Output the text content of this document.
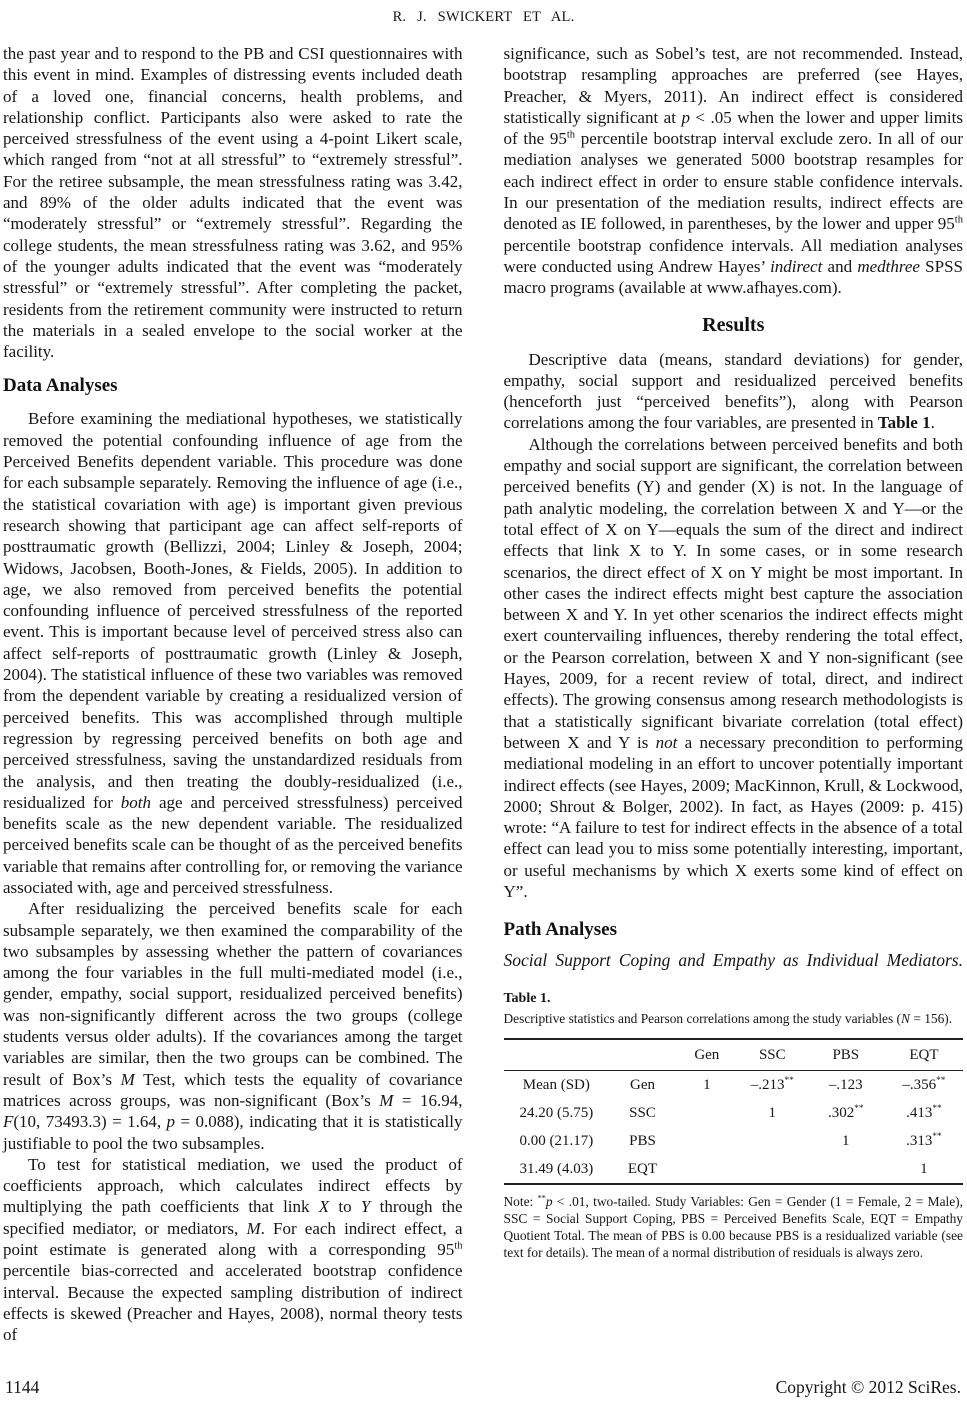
R. J. SWICKERT ET AL.

the past year and to respond to the PB and CSI questionnaires with this event in mind. Examples of distressing events included death of a loved one, financial concerns, health problems, and relationship conflict. Participants also were asked to rate the perceived stressfulness of the event using a 4-point Likert scale, which ranged from “not at all stressful” to “extremely stressful”. For the retiree subsample, the mean stressfulness rating was 3.42, and 89% of the older adults indicated that the event was “moderately stressful” or “extremely stressful”. Regarding the college students, the mean stressfulness rating was 3.62, and 95% of the younger adults indicated that the event was “moderately stressful” or “extremely stressful”. After completing the packet, residents from the retirement community were instructed to return the materials in a sealed envelope to the social worker at the facility.

Data Analyses

Before examining the mediational hypotheses, we statistically removed the potential confounding influence of age from the Perceived Benefits dependent variable. This procedure was done for each subsample separately. Removing the influence of age (i.e., the statistical covariation with age) is important given previous research showing that participant age can affect self-reports of posttraumatic growth (Bellizzi, 2004; Linley & Joseph, 2004; Widows, Jacobsen, Booth-Jones, & Fields, 2005). In addition to age, we also removed from perceived benefits the potential confounding influence of perceived stressfulness of the reported event. This is important because level of perceived stress also can affect self-reports of posttraumatic growth (Linley & Joseph, 2004). The statistical influence of these two variables was removed from the dependent variable by creating a residualized version of perceived benefits. This was accomplished through multiple regression by regressing perceived benefits on both age and perceived stressfulness, saving the unstandardized residuals from the analysis, and then treating the doubly-residualized (i.e., residualized for both age and perceived stressfulness) perceived benefits scale as the new dependent variable. The residualized perceived benefits scale can be thought of as the perceived benefits variable that remains after controlling for, or removing the variance associated with, age and perceived stressfulness.

After residualizing the perceived benefits scale for each subsample separately, we then examined the comparability of the two subsamples by assessing whether the pattern of covariances among the four variables in the full multi-mediated model (i.e., gender, empathy, social support, residualized perceived benefits) was non-significantly different across the two groups (college students versus older adults). If the covariances among the target variables are similar, then the two groups can be combined. The result of Box’s M Test, which tests the equality of covariance matrices across groups, was non-significant (Box’s M = 16.94, F(10, 73493.3) = 1.64, p = 0.088), indicating that it is statistically justifiable to pool the two subsamples.

To test for statistical mediation, we used the product of coefficients approach, which calculates indirect effects by multiplying the path coefficients that link X to Y through the specified mediator, or mediators, M. For each indirect effect, a point estimate is generated along with a corresponding 95th percentile bias-corrected and accelerated bootstrap confidence interval. Because the expected sampling distribution of indirect effects is skewed (Preacher and Hayes, 2008), normal theory tests of

significance, such as Sobel’s test, are not recommended. Instead, bootstrap resampling approaches are preferred (see Hayes, Preacher, & Myers, 2011). An indirect effect is considered statistically significant at p < .05 when the lower and upper limits of the 95th percentile bootstrap interval exclude zero. In all of our mediation analyses we generated 5000 bootstrap resamples for each indirect effect in order to ensure stable confidence intervals. In our presentation of the mediation results, indirect effects are denoted as IE followed, in parentheses, by the lower and upper 95th percentile bootstrap confidence intervals. All mediation analyses were conducted using Andrew Hayes’ indirect and medthree SPSS macro programs (available at www.afhayes.com).

Results

Descriptive data (means, standard deviations) for gender, empathy, social support and residualized perceived benefits (henceforth just “perceived benefits”), along with Pearson correlations among the four variables, are presented in Table 1.

Although the correlations between perceived benefits and both empathy and social support are significant, the correlation between perceived benefits (Y) and gender (X) is not. In the language of path analytic modeling, the correlation between X and Y—or the total effect of X on Y—equals the sum of the direct and indirect effects that link X to Y. In some cases, or in some research scenarios, the direct effect of X on Y might be most important. In other cases the indirect effects might best capture the association between X and Y. In yet other scenarios the indirect effects might exert countervailing influences, thereby rendering the total effect, or the Pearson correlation, between X and Y non-significant (see Hayes, 2009, for a recent review of total, direct, and indirect effects). The growing consensus among research methodologists is that a statistically significant bivariate correlation (total effect) between X and Y is not a necessary precondition to performing mediational modeling in an effort to uncover potentially important indirect effects (see Hayes, 2009; MacKinnon, Krull, & Lockwood, 2000; Shrout & Bolger, 2002). In fact, as Hayes (2009: p. 415) wrote: “A failure to test for indirect effects in the absence of a total effect can lead you to miss some potentially interesting, important, or useful mechanisms by which X exerts some kind of effect on Y”.

Path Analyses

Social Support Coping and Empathy as Individual Mediators.

Table 1.

Descriptive statistics and Pearson correlations among the study variables (N = 156).

		Gen	SSC	PBS	EQT
Mean (SD)	Gen	1	–.213**	–.123	–.356**
24.20 (5.75)	SSC		1	.302**	.413**
0.00 (21.17)	PBS			1	.313**
31.49 (4.03)	EQT				1

Note: **p < .01, two-tailed. Study Variables: Gen = Gender (1 = Female, 2 = Male), SSC = Social Support Coping, PBS = Perceived Benefits Scale, EQT = Empathy Quotient Total. The mean of PBS is 0.00 because PBS is a residualized variable (see text for details). The mean of a normal distribution of residuals is always zero.

1144	Copyright © 2012 SciRes.
